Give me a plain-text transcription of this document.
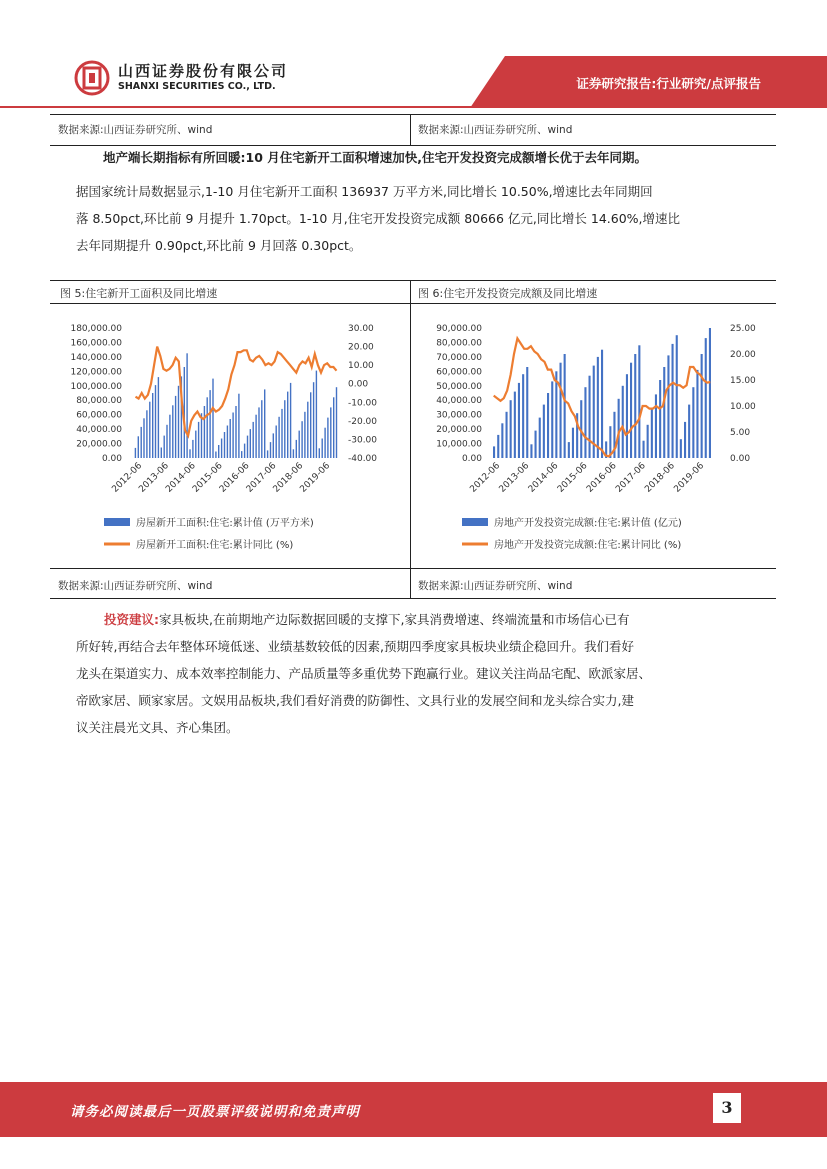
山西证券股份有限公司
SHANXI SECURITIES CO., LTD.	证券研究报告:行业研究/点评报告
数据来源:山西证券研究所、wind	数据来源:山西证券研究所、wind
地产端长期指标有所回暖:10 月住宅新开工面积增速加快,住宅开发投资完成额增长优于去年同期。
据国家统计局数据显示,1-10 月住宅新开工面积 136937 万平方米,同比增长 10.50%,增速比去年同期回
落 8.50pct,环比前 9 月提升 1.70pct。1-10 月,住宅开发投资完成额 80666 亿元,同比增长 14.60%,增速比
去年同期提升 0.90pct,环比前 9 月回落 0.30pct。
图 5:住宅新开工面积及同比增速	图 6:住宅开发投资完成额及同比增速
数据来源:山西证券研究所、wind	数据来源:山西证券研究所、wind
180,000.00
160,000.00
140,000.00
120,000.00
100,000.00
80,000.00
60,000.00
40,000.00
20,000.00
0.00
30.00
20.00
10.00
0.00
-10.00
-20.00
-30.00
-40.00
2012-06
2013-06
2014-06
2015-06
2016-06
2017-06
2018-06
2019-06
房屋新开工面积:住宅:累计值 (万平方米)
房屋新开工面积:住宅:累计同比 (%)
90,000.00
80,000.00
70,000.00
60,000.00
50,000.00
40,000.00
30,000.00
20,000.00
10,000.00
0.00
25.00
20.00
15.00
10.00
5.00
0.00
2012-06
2013-06
2014-06
2015-06
2016-06
2017-06
2018-06
2019-06
房地产开发投资完成额:住宅:累计值 (亿元)
房地产开发投资完成额:住宅:累计同比 (%)
投资建议:家具板块,在前期地产边际数据回暖的支撑下,家具消费增速、终端流量和市场信心已有
所好转,再结合去年整体环境低迷、业绩基数较低的因素,预期四季度家具板块业绩企稳回升。我们看好
龙头在渠道实力、成本效率控制能力、产品质量等多重优势下跑赢行业。建议关注尚品宅配、欧派家居、
帝欧家居、顾家家居。文娱用品板块,我们看好消费的防御性、文具行业的发展空间和龙头综合实力,建
议关注晨光文具、齐心集团。
请务必阅读最后一页股票评级说明和免责声明	3
